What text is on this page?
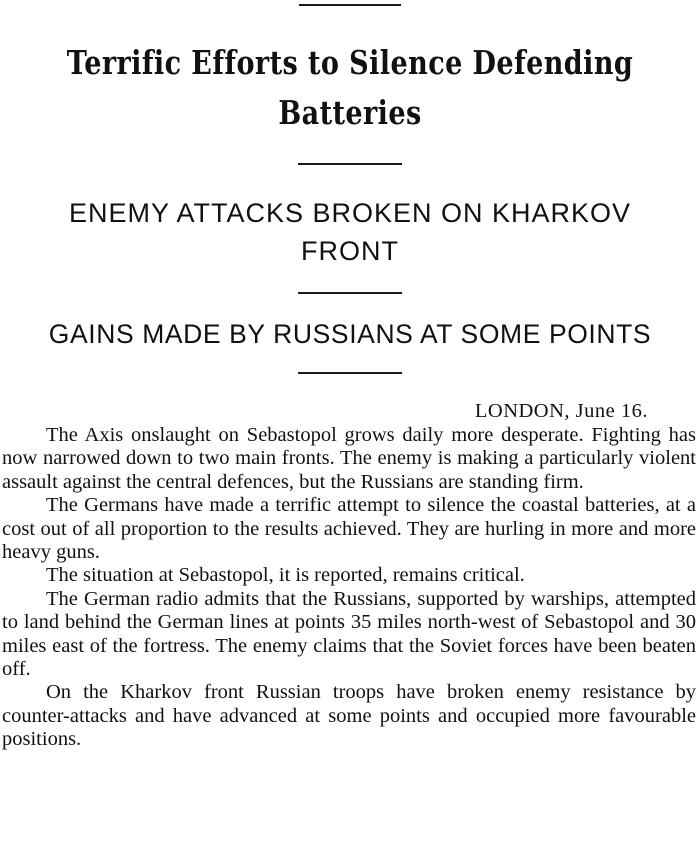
Terrific Efforts to Silence Defending
Batteries
ENEMY ATTACKS BROKEN ON KHARKOV
FRONT
GAINS MADE BY RUSSIANS AT SOME POINTS
LONDON, June 16.

The Axis onslaught on Sebastopol grows daily more desperate. Fighting has now narrowed down to two main fronts. The enemy is making a particularly violent assault against the central defences, but the Russians are standing firm.

The Germans have made a terrific attempt to silence the coastal batteries, at a cost out of all proportion to the results achieved. They are hurling in more and more heavy guns.

The situation at Sebastopol, it is reported, remains critical.

The German radio admits that the Russians, supported by warships, attempted to land behind the German lines at points 35 miles north-west of Sebastopol and 30 miles east of the fortress. The enemy claims that the Soviet forces have been beaten off.

On the Kharkov front Russian troops have broken enemy resistance by counter-attacks and have advanced at some points and occupied more favourable positions.
